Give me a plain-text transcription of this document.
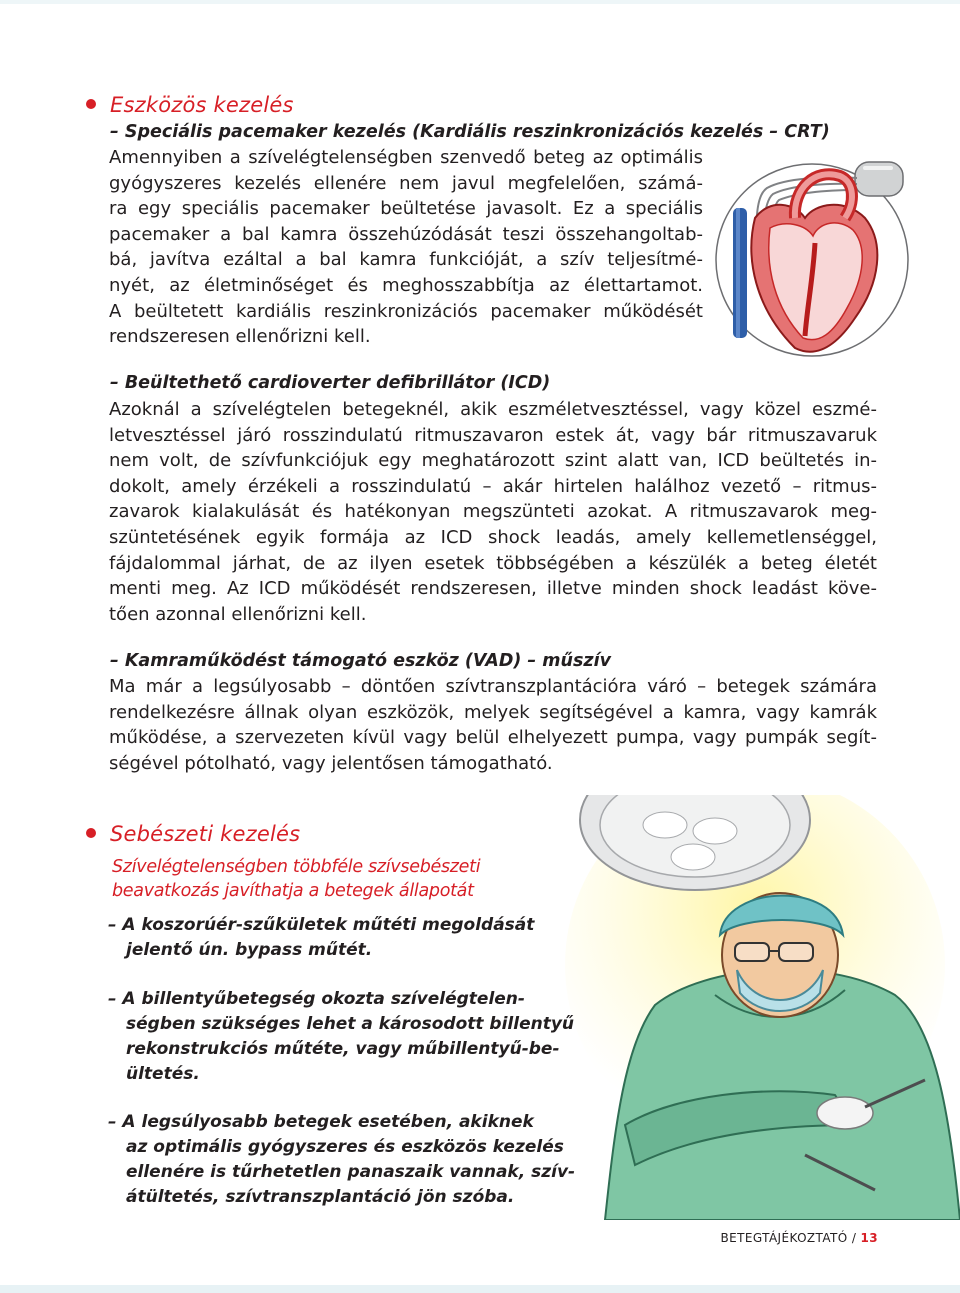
Eszközös kezelés
– Speciális pacemaker kezelés (Kardiális reszinkronizációs kezelés – CRT)
Amennyiben a szívelégtelenségben szenvedő beteg az optimális
gyógyszeres kezelés ellenére nem javul megfelelően, számá-
ra egy speciális pacemaker beültetése javasolt. Ez a speciális
pacemaker a bal kamra összehúzódását teszi összehangoltab-
bá, javítva ezáltal a bal kamra funkcióját, a szív teljesítmé-
nyét, az életminőséget és meghosszabbítja az élettartamot.
A beültetett kardiális reszinkronizációs pacemaker működését
rendszeresen ellenőrizni kell.
– Beültethető cardioverter defibrillátor (ICD)
Azoknál a szívelégtelen betegeknél, akik eszméletvesztéssel, vagy közel eszmé-
letvesztéssel járó rosszindulatú ritmuszavaron estek át, vagy bár ritmuszavaruk
nem volt, de szívfunkciójuk egy meghatározott szint alatt van, ICD beültetés in-
dokolt, amely érzékeli a rosszindulatú – akár hirtelen halálhoz vezető – ritmus-
zavarok kialakulását és hatékonyan megszünteti azokat. A ritmuszavarok meg-
szüntetésének egyik formája az ICD shock leadás, amely kellemetlenséggel,
fájdalommal járhat, de az ilyen esetek többségében a készülék a beteg életét
menti meg. Az ICD működését rendszeresen, illetve minden shock leadást köve-
tően azonnal ellenőrizni kell.
– Kamraműködést támogató eszköz (VAD) – műszív
Ma már a legsúlyosabb – döntően szívtranszplantációra váró – betegek számára
rendelkezésre állnak olyan eszközök, melyek segítségével a kamra, vagy kamrák
működése, a szervezeten kívül vagy belül elhelyezett pumpa, vagy pumpák segít-
ségével pótolható, vagy jelentősen támogatható.
Sebészeti kezelés
Szívelégtelenségben többféle szívsebészeti
beavatkozás javíthatja a betegek állapotát
– A koszorúér-szűkületek műtéti megoldását
jelentő ún. bypass műtét.
– A billentyűbetegség okozta szívelégtelen-
ségben szükséges lehet a károsodott billentyű
rekonstrukciós műtéte, vagy műbillentyű-be-
ültetés.
– A legsúlyosabb betegek esetében, akiknek
az optimális gyógyszeres és eszközös kezelés
ellenére is tűrhetetlen panaszaik vannak, szív-
átültetés, szívtranszplantáció jön szóba.
BETEGTÁJÉKOZTATÓ / 13
